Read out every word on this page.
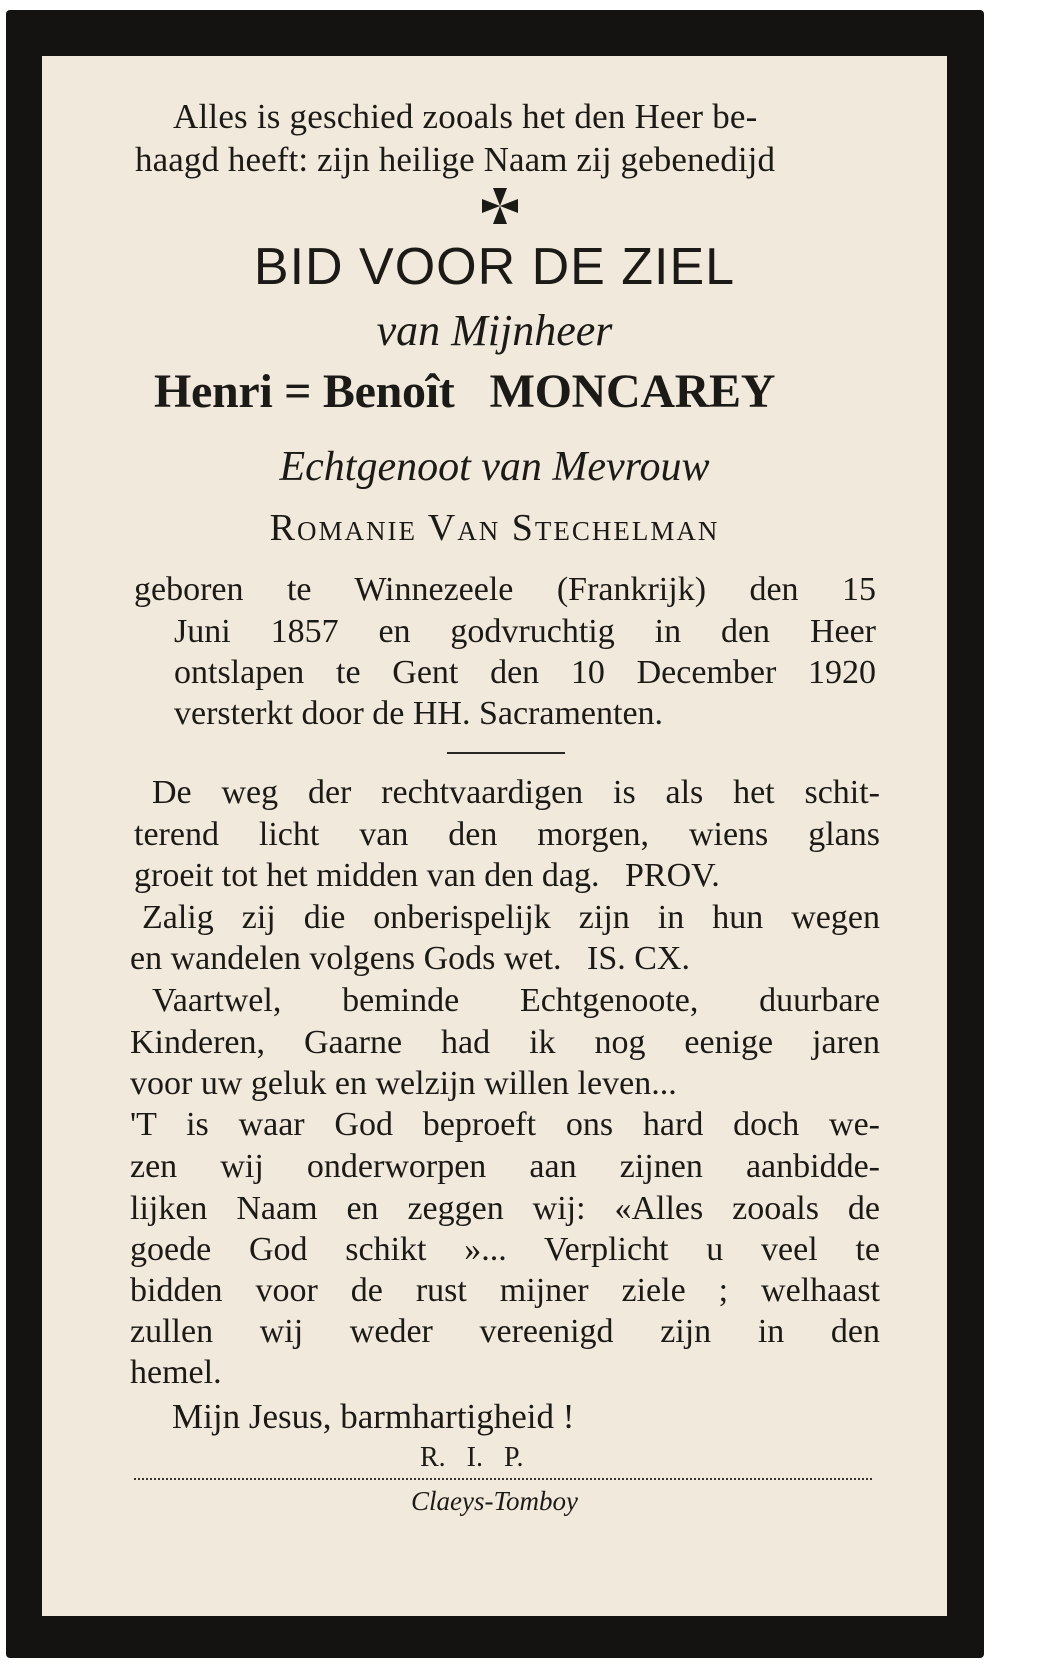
Alles is geschied zooals het den Heer be-
haagd heeft: zijn heilige Naam zij gebenedijd
BID VOOR DE ZIEL
van Mijnheer
Henri = Benoît   MONCAREY
Echtgenoot van Mevrouw
Romanie Van Stechelman
geboren te Winnezeele (Frankrijk) den 15
Juni 1857 en godvruchtig in den Heer
ontslapen te Gent den 10 December 1920
versterkt door de HH. Sacramenten.
De weg der rechtvaardigen is als het schit-
terend licht van den morgen, wiens glans
groeit tot het midden van den dag.   PROV.
Zalig zij die onberispelijk zijn in hun wegen
en wandelen volgens Gods wet.   IS. CX.
Vaartwel, beminde Echtgenoote, duurbare
Kinderen, Gaarne had ik nog eenige jaren
voor uw geluk en welzijn willen leven...
'T is waar God beproeft ons hard doch we-
zen wij onderworpen aan zijnen aanbidde-
lijken Naam en zeggen wij: «Alles zooals de
goede God schikt »... Verplicht u veel te
bidden voor de rust mijner ziele ; welhaast
zullen wij weder vereenigd zijn in den
hemel.
Mijn Jesus, barmhartigheid !
R.   I.   P.
Claeys-Tomboy
